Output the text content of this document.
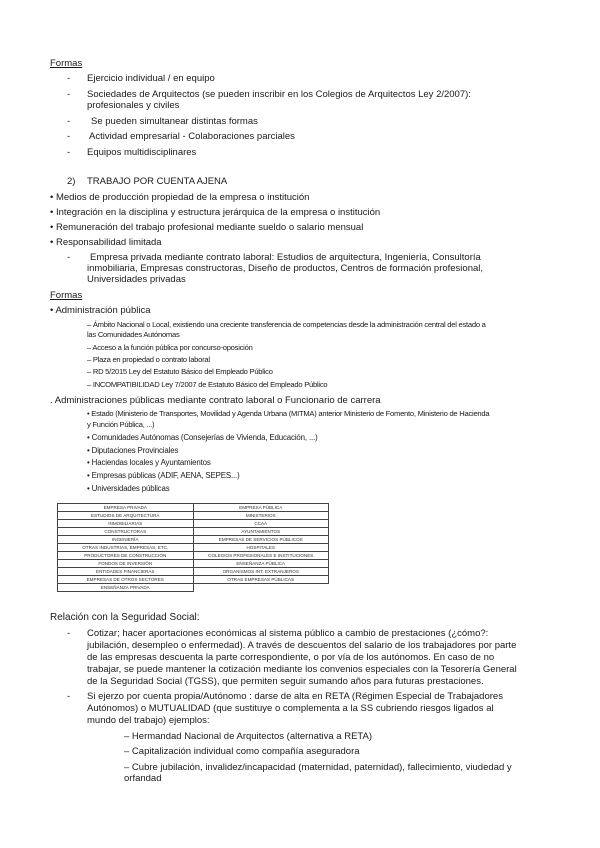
Formas
- Ejercicio individual / en equipo
- Sociedades de Arquitectos (se pueden inscribir en los Colegios de Arquitectos Ley 2/2007):
profesionales y civiles
- Se pueden simultanear distintas formas
- Actividad empresarial - Colaboraciones parciales
- Equipos multidisciplinares
2) TRABAJO POR CUENTA AJENA
• Medios de producción propiedad de la empresa o institución
• Integración en la disciplina y estructura jerárquica de la empresa o institución
• Remuneración del trabajo profesional mediante sueldo o salario mensual
• Responsabilidad limitada
- Empresa privada mediante contrato laboral: Estudios de arquitectura, Ingeniería, Consultoría
inmobiliaria, Empresas constructoras, Diseño de productos, Centros de formación profesional,
Universidades privadas
Formas
• Administración pública
– Ámbito Nacional o Local, existiendo una creciente transferencia de competencias desde la administración central del estado a
las Comunidades Autónomas
– Acceso a la función pública por concurso-oposición
– Plaza en propiedad o contrato laboral
– RD 5/2015 Ley del Estatuto Básico del Empleado Público
– INCOMPATIBILIDAD Ley 7/2007 de Estatuto Básico del Empleado Público
. Administraciones públicas mediante contrato laboral o Funcionario de carrera
• Estado (Ministerio de Transportes, Movilidad y Agenda Urbana (MITMA) anterior Ministerio de Fomento, Ministerio de Hacienda
y Función Pública, ...)
• Comunidades Autónomas (Consejerías de Vivienda, Educación, ...)
• Diputaciones Provinciales
• Haciendas locales y Ayuntamientos
• Empresas públicas (ADIF, AENA, SEPES...)
• Universidades públicas
EMPRESA PRIVADA	EMPRESA PÚBLICA
ESTUDIOS DE ARQUITECTURA	MINISTERIOS
INMOBILIARIAS	CCAA
CONSTRUCTORAS	AYUNTAMIENTOS
INGENIERÍA	EMPRESAS DE SERVICIOS PÚBLICOS
OTRAS INDUSTRIAS, EMPRESAS, ETC.	HOSPITALES
PRODUCTORES DE CONSTRUCCIÓN	COLEGIOS PROFESIONALES E INSTITUCIONES
FONDOS DE INVERSIÓN	ENSEÑANZA PÚBLICA
ENTIDADES FINANCIERAS	ORGANISMOS INT. EXTRANJEROS
EMPRESAS DE OTROS SECTORES	OTRAS EMPRESAS PÚBLICAS
ENSEÑANZA PRIVADA	
Relación con la Seguridad Social:
- Cotizar; hacer aportaciones económicas al sistema público a cambio de prestaciones (¿cómo?:
jubilación, desempleo o enfermedad). A través de descuentos del salario de los trabajadores por parte
de las empresas descuenta la parte correspondiente, o por vía de los autónomos. En caso de no
trabajar, se puede mantener la cotización mediante los convenios especiales con la Tesorería General
de la Seguridad Social (TGSS), que permiten seguir sumando años para futuras prestaciones.
- Si ejerzo por cuenta propia/Autónomo : darse de alta en RETA (Régimen Especial de Trabajadores
Autónomos) o MUTUALIDAD (que sustituye o complementa a la SS cubriendo riesgos ligados al
mundo del trabajo) ejemplos:
– Hermandad Nacional de Arquitectos (alternativa a RETA)
– Capitalización individual como compañía aseguradora
– Cubre jubilación, invalidez/incapacidad (maternidad, paternidad), fallecimiento, viudedad y
orfandad
